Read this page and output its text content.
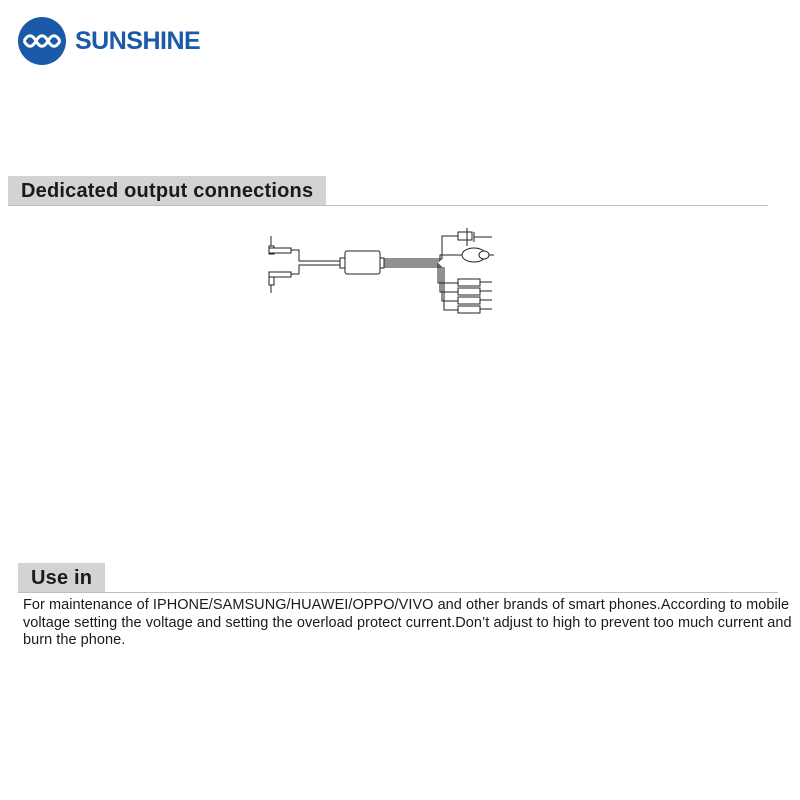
SUNSHINE
Dedicated output connections
Use in

For maintenance of IPHONE/SAMSUNG/HUAWEI/OPPO/VIVO and other brands of smart phones.According to mobile voltage setting the voltage and setting the overload protect current.Don’t adjust to high to prevent too much current and burn the phone.
